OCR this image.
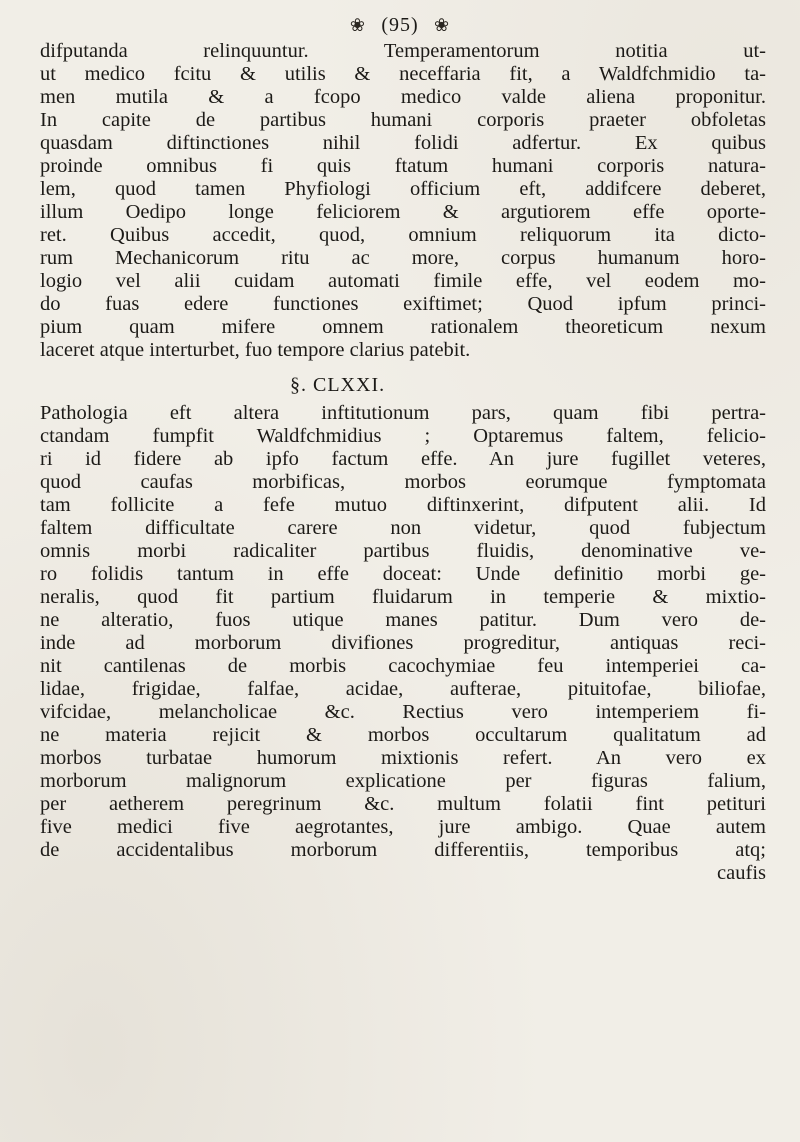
❀ (95) ❀
difputanda relinquuntur. Temperamentorum notitia ut-
ut medico fcitu & utilis & neceffaria fit, a Waldfchmidio ta-
men mutila & a fcopo medico valde aliena proponitur.
In capite de partibus humani corporis praeter obfoletas
quasdam diftinctiones nihil folidi adfertur. Ex quibus
proinde omnibus fi quis ftatum humani corporis natura-
lem, quod tamen Phyfiologi officium eft, addifcere deberet,
illum Oedipo longe feliciorem & argutiorem effe oporte-
ret. Quibus accedit, quod, omnium reliquorum ita dicto-
rum Mechanicorum ritu ac more, corpus humanum horo-
logio vel alii cuidam automati fimile effe, vel eodem mo-
do fuas edere functiones exiftimet; Quod ipfum princi-
pium quam mifere omnem rationalem theoreticum nexum
laceret atque interturbet, fuo tempore clarius patebit.
§. CLXXI.
Pathologia eft altera inftitutionum pars, quam fibi pertra-
ctandam fumpfit Waldfchmidius ; Optaremus faltem, felicio-
ri id fidere ab ipfo factum effe. An jure fugillet veteres,
quod caufas morbificas, morbos eorumque fymptomata
tam follicite a fefe mutuo diftinxerint, difputent alii. Id
faltem difficultate carere non videtur, quod fubjectum
omnis morbi radicaliter partibus fluidis, denominative ve-
ro folidis tantum in effe doceat: Unde definitio morbi ge-
neralis, quod fit partium fluidarum in temperie & mixtio-
ne alteratio, fuos utique manes patitur. Dum vero de-
inde ad morborum divifiones progreditur, antiquas reci-
nit cantilenas de morbis cacochymiae feu intemperiei ca-
lidae, frigidae, falfae, acidae, aufterae, pituitofae, biliofae,
vifcidae, melancholicae &c. Rectius vero intemperiem fi-
ne materia rejicit & morbos occultarum qualitatum ad
morbos turbatae humorum mixtionis refert. An vero ex
morborum malignorum explicatione per figuras falium,
per aetherem peregrinum &c. multum folatii fint petituri
five medici five aegrotantes, jure ambigo. Quae autem
de accidentalibus morborum differentiis, temporibus atq;
caufis
